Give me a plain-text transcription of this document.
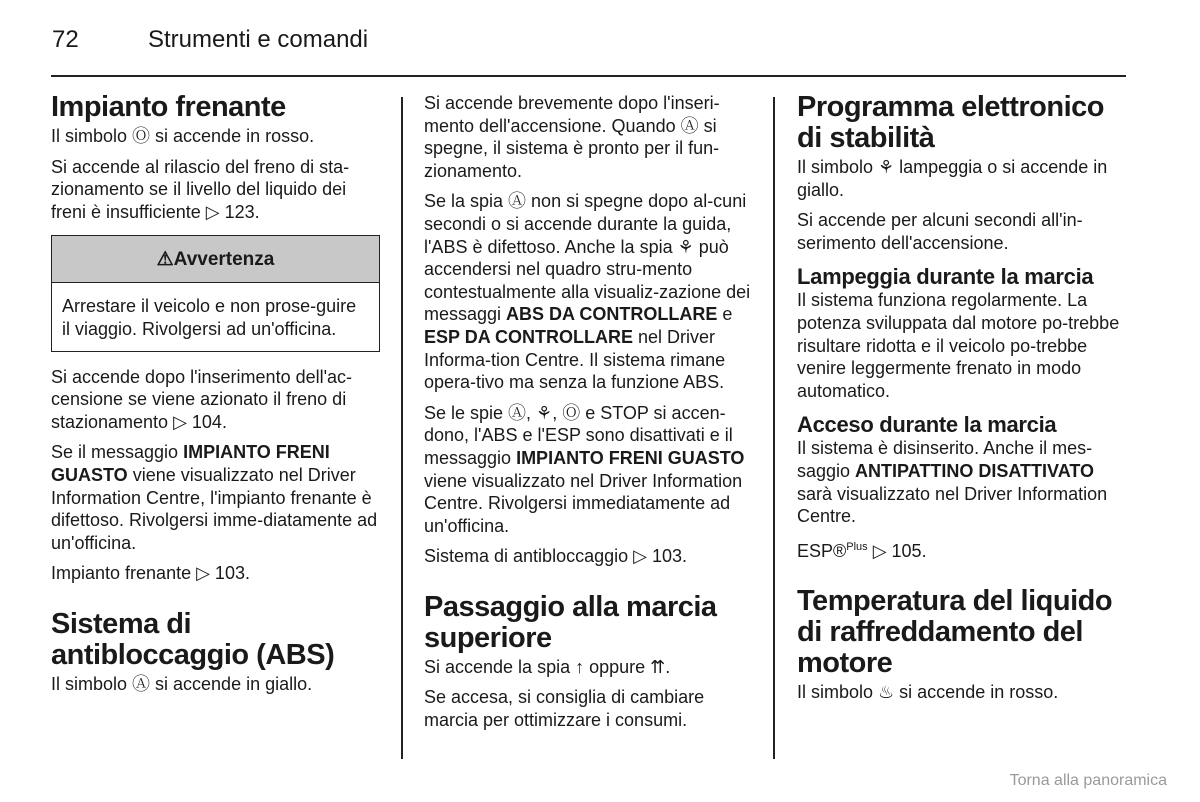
72	Strumenti e comandi
Impianto frenante

Il simbolo Ⓞ si accende in rosso.

Si accende al rilascio del freno di sta-zionamento se il livello del liquido dei freni è insufficiente ▷ 123.

⚠Avvertenza
Arrestare il veicolo e non prose-guire il viaggio. Rivolgersi ad un'officina.

Si accende dopo l'inserimento dell'ac-censione se viene azionato il freno di stazionamento ▷ 104.

Se il messaggio IMPIANTO FRENI GUASTO viene visualizzato nel Driver Information Centre, l'impianto frenante è difettoso. Rivolgersi imme-diatamente ad un'officina.

Impianto frenante ▷ 103.

Sistema di antibloccaggio (ABS)

Il simbolo Ⓐ si accende in giallo.

Si accende brevemente dopo l'inseri-mento dell'accensione. Quando Ⓐ si spegne, il sistema è pronto per il fun-zionamento.

Se la spia Ⓐ non si spegne dopo al-cuni secondi o si accende durante la guida, l'ABS è difettoso. Anche la spia ⚘ può accendersi nel quadro stru-mento contestualmente alla visualiz-zazione dei messaggi ABS DA CONTROLLARE e ESP DA CONTROLLARE nel Driver Informa-tion Centre. Il sistema rimane opera-tivo ma senza la funzione ABS.

Se le spie Ⓐ, ⚘, Ⓞ e STOP si accen-dono, l'ABS e l'ESP sono disattivati e il messaggio IMPIANTO FRENI GUASTO viene visualizzato nel Driver Information Centre. Rivolgersi immediatamente ad un'officina.

Sistema di antibloccaggio ▷ 103.

Passaggio alla marcia superiore

Si accende la spia ↑ oppure ⇈.

Se accesa, si consiglia di cambiare marcia per ottimizzare i consumi.

Programma elettronico di stabilità

Il simbolo ⚘ lampeggia o si accende in giallo.

Si accende per alcuni secondi all'in-serimento dell'accensione.

Lampeggia durante la marcia

Il sistema funziona regolarmente. La potenza sviluppata dal motore po-trebbe risultare ridotta e il veicolo po-trebbe venire leggermente frenato in modo automatico.

Acceso durante la marcia

Il sistema è disinserito. Anche il mes-saggio ANTIPATTINO DISATTIVATO sarà visualizzato nel Driver Information Centre.

ESP®$^{Plus}$ ▷ 105.

Temperatura del liquido di raffreddamento del motore

Il simbolo ♨ si accende in rosso.

Torna alla panoramica
